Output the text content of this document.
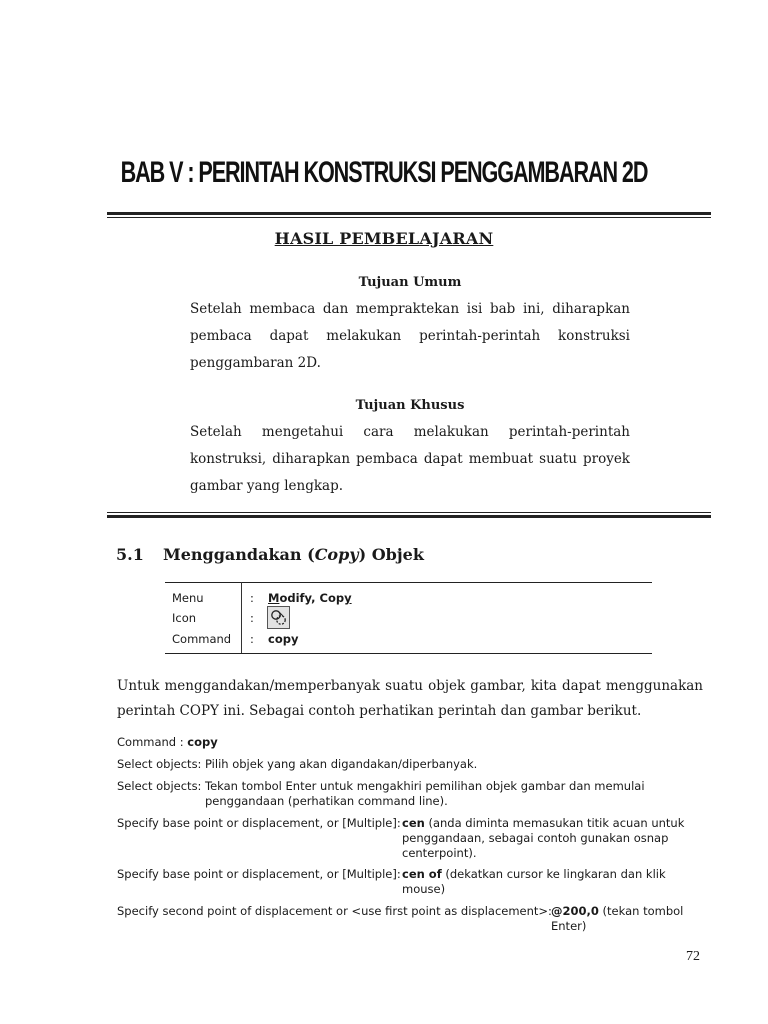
BAB V : PERINTAH KONSTRUKSI PENGGAMBARAN 2D
HASIL PEMBELAJARAN
Tujuan Umum
Setelah membaca dan mempraktekan isi bab ini, diharapkan
pembaca dapat melakukan perintah-perintah konstruksi
penggambaran 2D.
Tujuan Khusus
Setelah mengetahui cara melakukan perintah-perintah
konstruksi, diharapkan pembaca dapat membuat suatu proyek
gambar yang lengkap.
5.1 Menggandakan (Copy) Objek
Menu	: Modify, Copy
Icon	:
Command : copy
Untuk menggandakan/memperbanyak suatu objek gambar, kita dapat menggunakan
perintah COPY ini. Sebagai contoh perhatikan perintah dan gambar berikut.
Command : copy
Select objects: Pilih objek yang akan digandakan/diperbanyak.
Select objects: Tekan tombol Enter untuk mengakhiri pemilihan objek gambar dan memulai
penggandaan (perhatikan command line).
Specify base point or displacement, or [Multiple]: cen (anda diminta memasukan titik acuan untuk
penggandaan, sebagai contoh gunakan osnap
centerpoint).
Specify base point or displacement, or [Multiple]: cen of (dekatkan cursor ke lingkaran dan klik
mouse)
Specify second point of displacement or <use first point as displacement>: @200,0 (tekan tombol
Enter)
72
